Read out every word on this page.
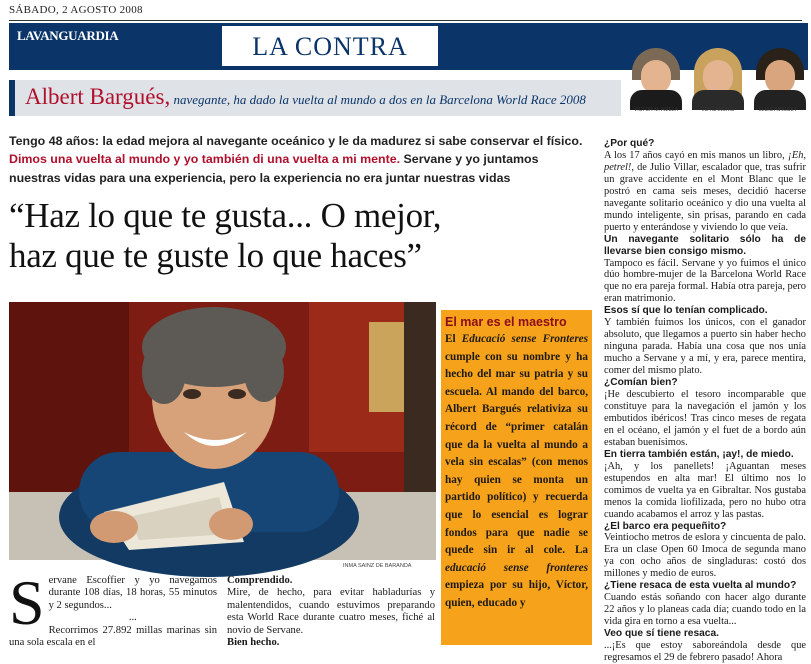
SÁBADO, 2 AGOSTO 2008
LAVANGUARDIA	LA CONTRA
VÍCTOR-M. AMELA	IMA SANCHÍS	LLUÍS AMIGUET
Albert Bargués, navegante, ha dado la vuelta al mundo a dos en la Barcelona World Race 2008
Tengo 48 años: la edad mejora al navegante oceánico y le da madurez si sabe conservar el físico. Dimos una vuelta al mundo y yo también di una vuelta a mi mente. Servane y yo juntamos nuestras vidas para una experiencia, pero la experiencia no era juntar nuestras vidas
“Haz lo que te gusta... O mejor,
haz que te guste lo que haces”
INMA SAINZ DE BARANDA
El mar es el maestro

El Educació sense Fronteres cumple con su nombre y ha hecho del mar su patria y su escuela. Al mando del barco, Albert Bargués relativiza su récord de “primer catalán que da la vuelta al mundo a vela sin escalas” (con menos hay quien se monta un partido político) y recuerda que lo esencial es lograr fondos para que nadie se quede sin ir al cole. La educació sense fronteres empieza por su hijo, Víctor, quien, educado y

S ervane Escoffier y yo navegamos durante 108 días, 18 horas, 55 minutos y 2 segundos...
...
Recorrimos 27.892 millas marinas sin una sola escala en el
Comprendido.
Mire, de hecho, para evitar habladurías y malentendidos, cuando estuvimos preparando esta World Race durante cuatro meses, fiché al novio de Servane.
Bien hecho.

¿Por qué?

A los 17 años cayó en mis manos un libro, ¡Eh, petrel!, de Julio Villar, escalador que, tras sufrir un grave accidente en el Mont Blanc que le postró en cama seis meses, decidió hacerse navegante solitario oceánico y dio una vuelta al mundo inteligente, sin prisas, parando en cada puerto y enterándose y viviendo lo que veía.

Un navegante solitario sólo ha de llevarse bien consigo mismo.

Tampoco es fácil. Servane y yo fuimos el único dúo hombre-mujer de la Barcelona World Race que no era pareja formal. Había otra pareja, pero eran matrimonio.

Esos sí que lo tenían complicado.

Y también fuimos los únicos, con el ganador absoluto, que llegamos a puerto sin haber hecho ninguna parada. Había una cosa que nos unía mucho a Servane y a mí, y era, parece mentira, comer del mismo plato.

¿Comían bien?

¡He descubierto el tesoro incomparable que constituye para la navegación el jamón y los embutidos ibéricos! Tras cinco meses de regata en el océano, el jamón y el fuet de a bordo aún estaban buenísimos.

En tierra también están, ¡ay!, de miedo.

¡Ah, y los panellets! ¡Aguantan meses estupendos en alta mar! El último nos lo comimos de vuelta ya en Gibraltar. Nos gustaba menos la comida liofilizada, pero no hubo otra cuando acabamos el arroz y las pastas.

¿El barco era pequeñito?

Veintiocho metros de eslora y cincuenta de palo. Era un clase Open 60 Imoca de segunda mano ya con ocho años de singladuras: costó dos millones y medio de euros.

¿Tiene resaca de esta vuelta al mundo?

Cuando estás soñando con hacer algo durante 22 años y lo planeas cada día; cuando todo en la vida gira en torno a esa vuelta...

Veo que sí tiene resaca.

...¡Es que estoy saboreándola desde que regresamos el 29 de febrero pasado! Ahora
